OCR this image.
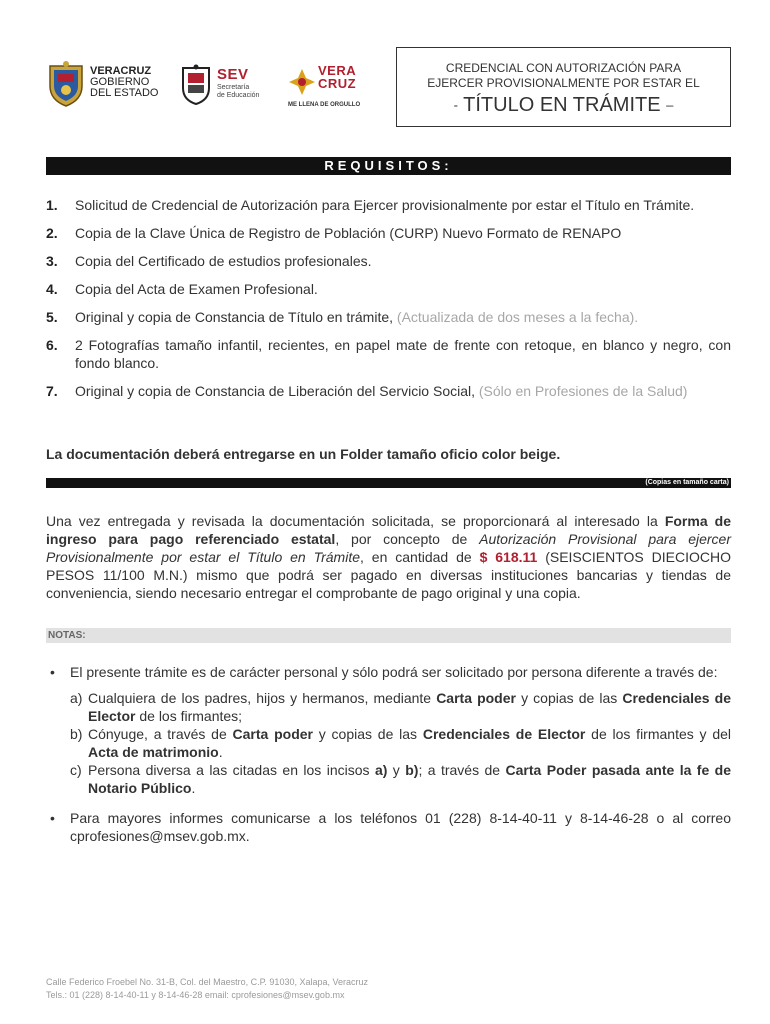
VERACRUZ
GOBIERNO
DEL ESTADO
SEV
Secretaría
de Educación
VERA
CRUZ
ME LLENA DE ORGULLO
CREDENCIAL CON AUTORIZACIÓN PARA
EJERCER PROVISIONALMENTE POR ESTAR EL
- TÍTULO EN TRÁMITE –
REQUISITOS:
1.	Solicitud de Credencial de Autorización para Ejercer provisionalmente por estar el Título en Trámite.
2.	Copia de la Clave Única de Registro de Población (CURP) Nuevo Formato de RENAPO
3.	Copia del Certificado de estudios profesionales.
4.	Copia del Acta de Examen Profesional.
5.	Original y copia de Constancia de Título en trámite, (Actualizada de dos meses a la fecha).
6.	2 Fotografías tamaño infantil, recientes, en papel mate de frente con retoque, en blanco y negro, con fondo blanco.
7.	Original y copia de Constancia de Liberación del Servicio Social, (Sólo en Profesiones de la Salud)
La documentación deberá entregarse en un Folder tamaño oficio color beige.
(Copias en tamaño carta)
Una vez entregada y revisada la documentación solicitada, se proporcionará al interesado la Forma de ingreso para pago referenciado estatal, por concepto de Autorización Provisional para ejercer Provisionalmente por estar el Título en Trámite, en cantidad de $ 618.11 (SEISCIENTOS DIECIOCHO PESOS 11/100 M.N.) mismo que podrá ser pagado en diversas instituciones bancarias y tiendas de conveniencia, siendo necesario entregar el comprobante de pago original y una copia.
NOTAS:
•	El presente trámite es de carácter personal y sólo podrá ser solicitado por persona diferente a través de:
a) Cualquiera de los padres, hijos y hermanos, mediante Carta poder y copias de las Credenciales de Elector de los firmantes;
b) Cónyuge, a través de Carta poder y copias de las Credenciales de Elector de los firmantes y del Acta de matrimonio.
c) Persona diversa a las citadas en los incisos a) y b); a través de Carta Poder pasada ante la fe de Notario Público.
•	Para mayores informes comunicarse a los teléfonos 01 (228) 8-14-40-11 y 8-14-46-28 o al correo cprofesiones@msev.gob.mx.
Calle Federico Froebel No. 31-B, Col. del Maestro, C.P. 91030, Xalapa, Veracruz
Tels.: 01 (228) 8-14-40-11 y 8-14-46-28 email: cprofesiones@msev.gob.mx
